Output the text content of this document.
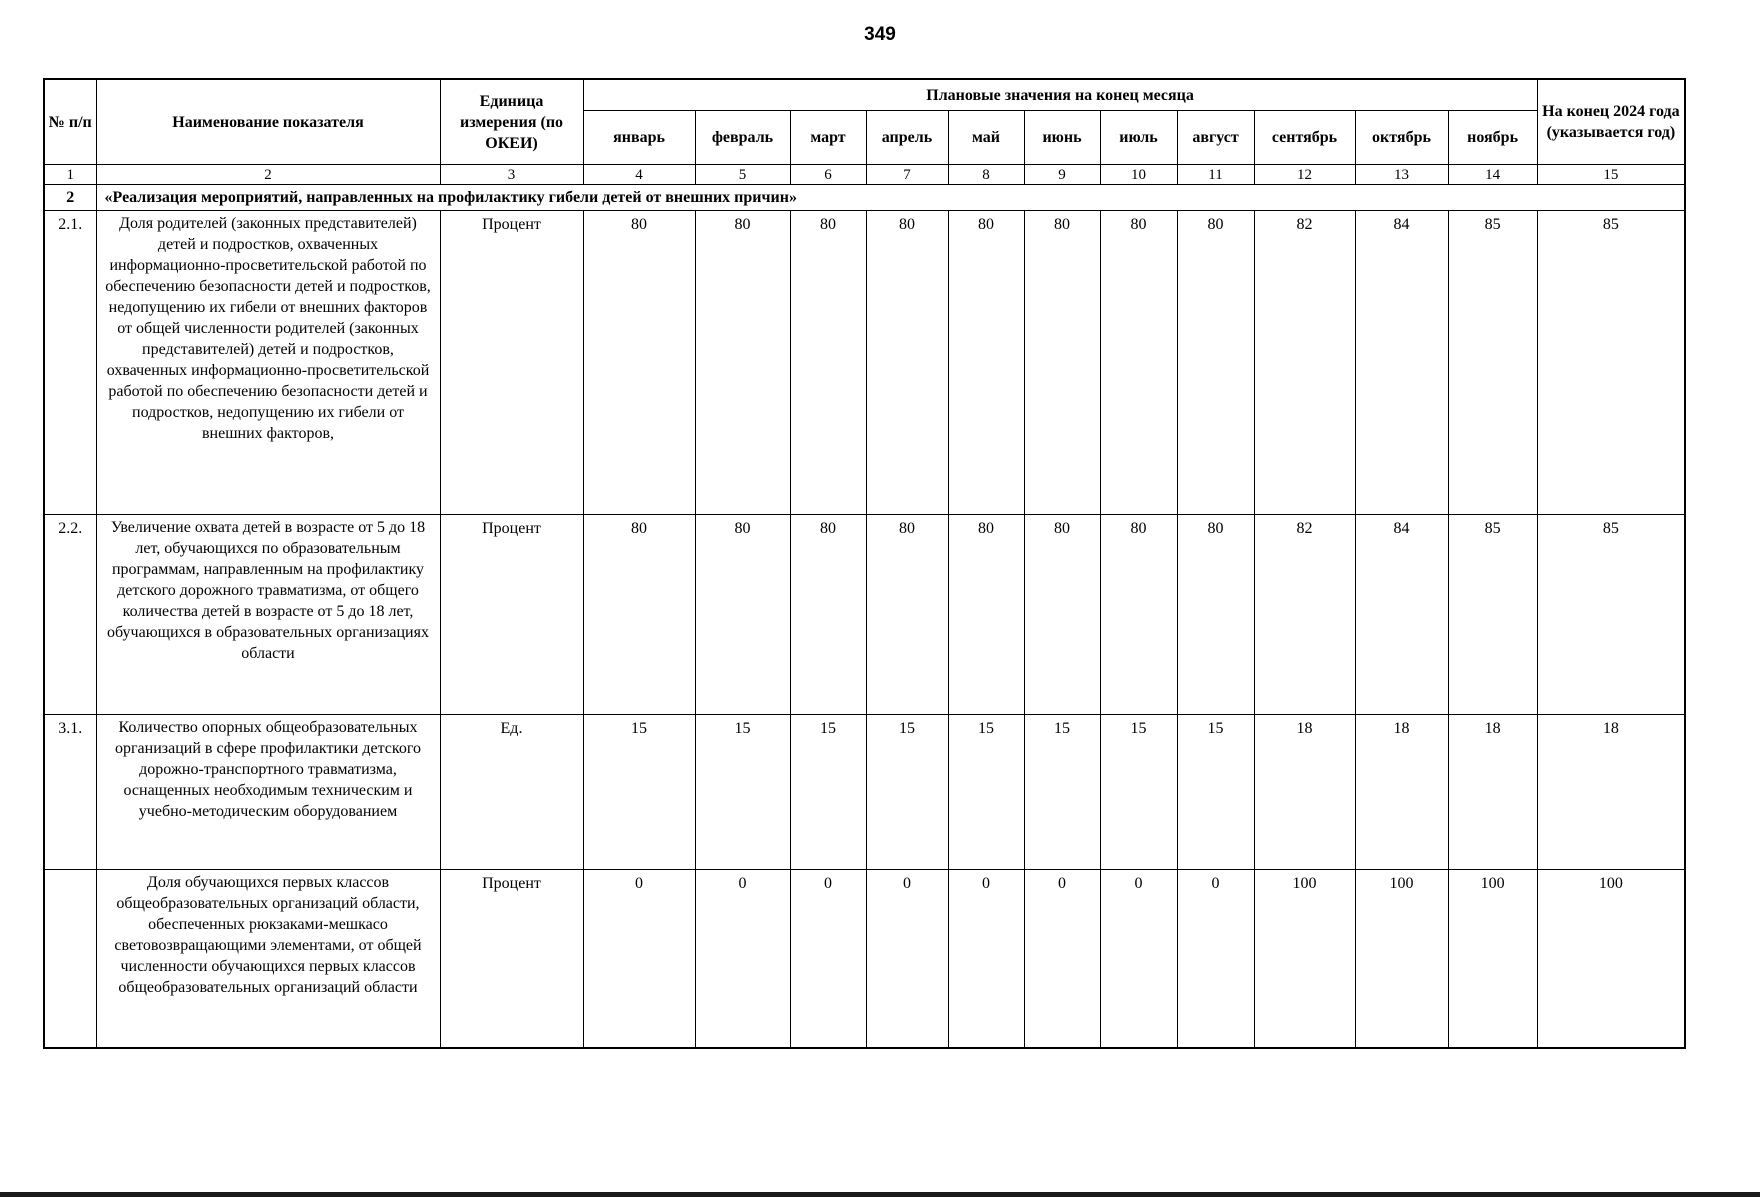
349
№ п/п	Наименование показателя	Единица измерения (по ОКЕИ)	Плановые значения на конец месяца											На конец 2024 года (указывается год)
			январь	февраль	март	апрель	май	июнь	июль	август	сентябрь	октябрь	ноябрь	
1	2	3	4	5	6	7	8	9	10	11	12	13	14	15
2	«Реализация мероприятий, направленных на профилактику гибели детей от внешних причин»													
2.1.	Доля родителей (законных представителей) детей и подростков, охваченных информационно-просветительской работой по обеспечению безопасности детей и подростков, недопущению их гибели от внешних факторов от общей численности родителей (законных представителей) детей и подростков, охваченных информационно-просветительской работой по обеспечению безопасности детей и подростков, недопущению их гибели от внешних факторов,	Процент	80	80	80	80	80	80	80	80	82	84	85	85
2.2.	Увеличение охвата детей в возрасте от 5 до 18 лет, обучающихся по образовательным программам, направленным на профилактику детского дорожного травматизма, от общего количества детей в возрасте от 5 до 18 лет, обучающихся в образовательных организациях области	Процент	80	80	80	80	80	80	80	80	82	84	85	85
3.1.	Количество опорных общеобразовательных организаций в сфере профилактики детского дорожно-транспортного травматизма, оснащенных необходимым техническим и учебно-методическим оборудованием	Ед.	15	15	15	15	15	15	15	15	18	18	18	18
	Доля обучающихся первых классов общеобразовательных организаций области, обеспеченных рюкзаками-мешкасо световозвращающими элементами, от общей численности обучающихся первых классов общеобразовательных организаций области	Процент	0	0	0	0	0	0	0	0	100	100	100	100
